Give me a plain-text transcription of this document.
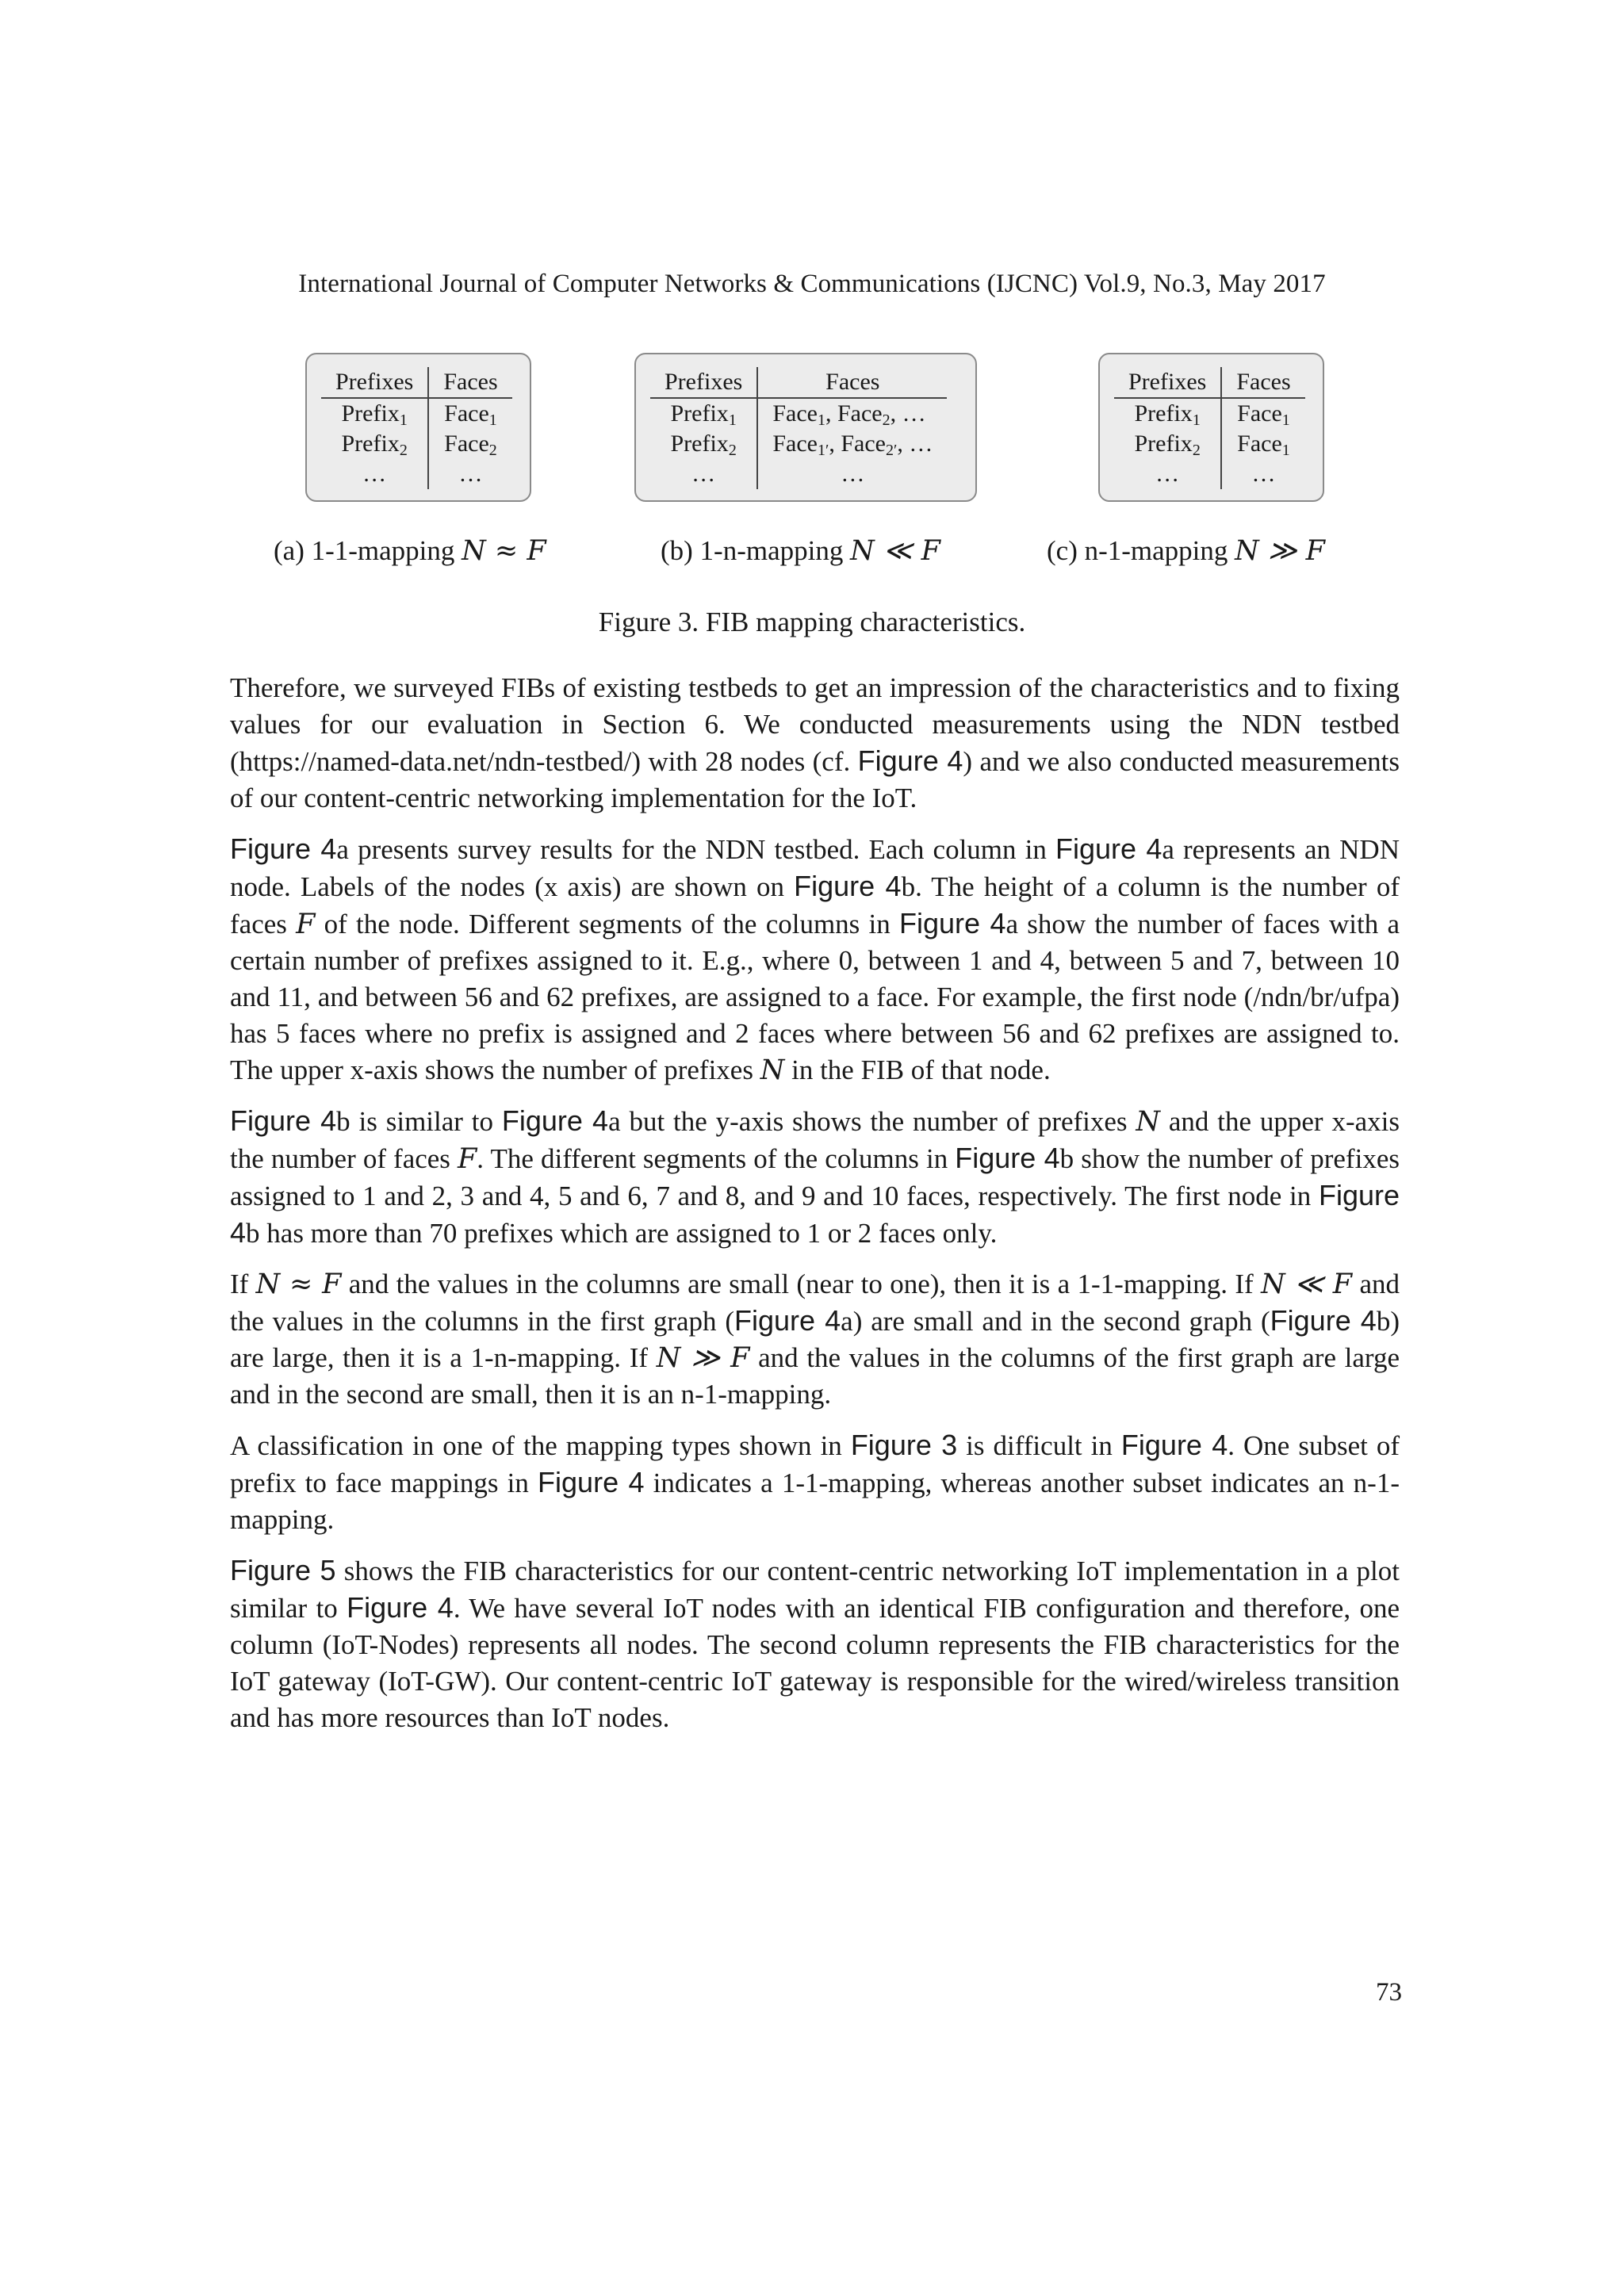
International Journal of Computer Networks & Communications (IJCNC) Vol.9, No.3, May 2017
Prefixes	Faces
Prefix$_1$	Face$_1$
Prefix$_2$	Face$_2$
…	…
Prefixes	Faces
Prefix$_1$	Face$_1$, Face$_2$, …
Prefix$_2$	Face$_{1'}$, Face$_{2'}$, …
…	…
Prefixes	Faces
Prefix$_1$	Face$_1$
Prefix$_2$	Face$_1$
…	…
(a) 1-1-mapping N ≈ F	(b) 1-n-mapping N ≪ F	(c) n-1-mapping N ≫ F
Figure 3. FIB mapping characteristics.

Therefore, we surveyed FIBs of existing testbeds to get an impression of the characteristics and to fixing values for our evaluation in Section 6. We conducted measurements using the NDN testbed (https://named-data.net/ndn-testbed/) with 28 nodes (cf. Figure 4) and we also conducted measurements of our content-centric networking implementation for the IoT.

Figure 4a presents survey results for the NDN testbed. Each column in Figure 4a represents an NDN node. Labels of the nodes (x axis) are shown on Figure 4b. The height of a column is the number of faces F of the node. Different segments of the columns in Figure 4a show the number of faces with a certain number of prefixes assigned to it. E.g., where 0, between 1 and 4, between 5 and 7, between 10 and 11, and between 56 and 62 prefixes, are assigned to a face. For example, the first node (/ndn/br/ufpa) has 5 faces where no prefix is assigned and 2 faces where between 56 and 62 prefixes are assigned to. The upper x-axis shows the number of prefixes N in the FIB of that node.

Figure 4b is similar to Figure 4a but the y-axis shows the number of prefixes N and the upper x-axis the number of faces F. The different segments of the columns in Figure 4b show the number of prefixes assigned to 1 and 2, 3 and 4, 5 and 6, 7 and 8, and 9 and 10 faces, respectively. The first node in Figure 4b has more than 70 prefixes which are assigned to 1 or 2 faces only.

If N ≈ F and the values in the columns are small (near to one), then it is a 1-1-mapping. If N ≪ F and the values in the columns in the first graph (Figure 4a) are small and in the second graph (Figure 4b) are large, then it is a 1-n-mapping. If N ≫ F and the values in the columns of the first graph are large and in the second are small, then it is an n-1-mapping.

A classification in one of the mapping types shown in Figure 3 is difficult in Figure 4. One subset of prefix to face mappings in Figure 4 indicates a 1-1-mapping, whereas another subset indicates an n-1-mapping.

Figure 5 shows the FIB characteristics for our content-centric networking IoT implementation in a plot similar to Figure 4. We have several IoT nodes with an identical FIB configuration and therefore, one column (IoT-Nodes) represents all nodes. The second column represents the FIB characteristics for the IoT gateway (IoT-GW). Our content-centric IoT gateway is responsible for the wired/wireless transition and has more resources than IoT nodes.

73
